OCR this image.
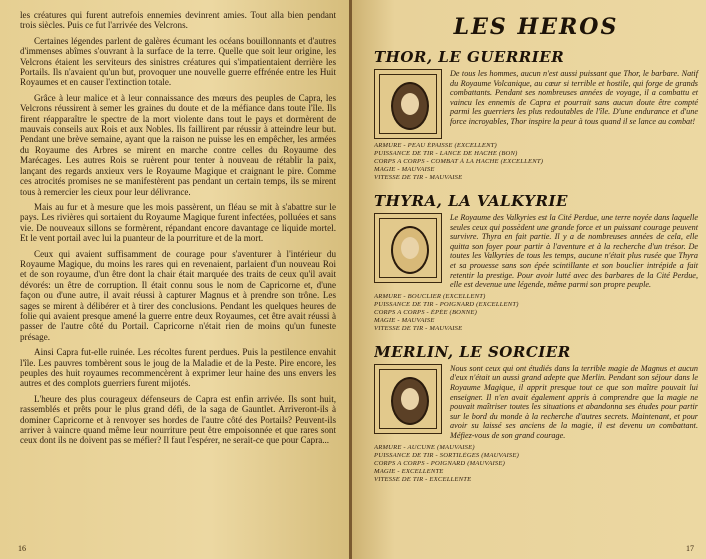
les créatures qui furent autrefois ennemies devinrent amies. Tout alla bien pendant trois siècles. Puis ce fut l'arrivée des Velcrons.

Certaines légendes parlent de galères écumant les océans bouillonnants et d'autres d'immenses abîmes s'ouvrant à la surface de la terre. Quelle que soit leur origine, les Velcrons étaient les serviteurs des sinistres créatures qui s'impatientaient derrière les Portails. Ils n'avaient qu'un but, provoquer une nouvelle guerre effrénée entre les Huit Royaumes et en causer l'extinction totale.

Grâce à leur malice et à leur connaissance des mœurs des peuples de Capra, les Velcrons réussirent à semer les graines du doute et de la méfiance dans toute l'île. Ils firent réapparaître le spectre de la mort violente dans tout le pays et dormèrent de mauvais conseils aux Rois et aux Nobles. Ils faillirent par réussir à atteindre leur but. Pendant une brève semaine, ayant que la raison ne puisse les en empêcher, les armées du Royaume des Arbres se mirent en marche contre celles du Royaume des Marécages. Les autres Rois se ruèrent pour tenter à nouveau de rétablir la paix, lançant des regards anxieux vers le Royaume Magique et craignant le pire. Comme ces atrocités promises ne se manifestèrent pas pendant un certain temps, ils se mirent tous à remercier les cieux pour leur délivrance.

Mais au fur et à mesure que les mois passèrent, un fléau se mit à s'abattre sur le pays. Les rivières qui sortaient du Royaume Magique furent infectées, polluées et sans vie. De nouveaux sillons se formèrent, répandant encore davantage ce liquide mortel. Et le vent portail avec lui la puanteur de la pourriture et de la mort.

Ceux qui avaient suffisamment de courage pour s'aventurer à l'intérieur du Royaume Magique, du moins les rares qui en revenaient, parlaient d'un nouveau Roi et de son royaume, d'un être dont la chair était marquée des traits de ceux qu'il avait dévorés: un être de corruption. Il était connu sous le nom de Capricorne et, d'une façon ou d'une autre, il avait réussi à capturer Magnus et à prendre son trône. Les sages se mirent à délibérer et à tirer des conclusions. Pendant les quelques heures de folie qui avaient presque amené la guerre entre deux Royaumes, cet être avait réussi à passer de l'autre côté du Portail. Capricorne n'était rien de moins qu'un funeste présage.

Ainsi Capra fut-elle ruinée. Les récoltes furent perdues. Puis la pestilence envahit l'île. Les pauvres tombèrent sous le joug de la Maladie et de la Peste. Pire encore, les peuples des huit royaumes recommencèrent à exprimer leur haine des uns envers les autres et des complots guerriers furent mijotés.

L'heure des plus courageux défenseurs de Capra est enfin arrivée. Ils sont huit, rassemblés et prêts pour le plus grand défi, de la saga de Gauntlet. Arriveront-ils à dominer Capricorne et à renvoyer ses hordes de l'autre côté des Portails? Peuvent-ils arriver à vaincre quand même leur nourriture peut être empoisonnée et que rares sont ceux dont ils ne doivent pas se méfier? Il faut l'espérer, ne serait-ce que pour Capra...

16
LES HEROS
THOR, LE GUERRIER

De tous les hommes, aucun n'est aussi puissant que Thor, le barbare. Natif du Royaume Volcanique, au cœur si terrible et hostile, qui forge de grands combattants. Pendant ses nombreuses années de voyage, il a combattu et vaincu les ennemis de Capra et pourrait sans aucun doute être compté parmi les guerriers les plus redoutables de l'île. D'une endurance et d'une force incroyables, Thor inspire la peur à tous quand il se lance au combat!

ARMURE - PEAU ÉPAISSE (EXCELLENT)
PUISSANCE DE TIR - LANCE DE HACHE (BON)
CORPS A CORPS - COMBAT À LA HACHE (EXCELLENT)
MAGIE - MAUVAISE
VITESSE DE TIR - MAUVAISE
THYRA, LA VALKYRIE

Le Royaume des Valkyries est la Cité Perdue, une terre noyée dans laquelle seules ceux qui possèdent une grande force et un puissant courage peuvent survivre. Thyra en fait partie. Il y a de nombreuses années de cela, elle quitta son foyer pour partir à l'aventure et à la recherche d'un trésor. De toutes les Valkyries de tous les temps, aucune n'était plus rusée que Thyra et sa prouesse sans son épée scintillante et son bouclier intrépide a fait retentir la prestige. Pour avoir lutté avec des barbares de la Cité Perdue, elle est devenue une légende, même parmi son propre peuple.

ARMURE - BOUCLIER (EXCELLENT)
PUISSANCE DE TIR - POIGNARD (EXCELLENT)
CORPS A CORPS - ÉPÉE (BONNE)
MAGIE - MAUVAISE
VITESSE DE TIR - MAUVAISE
MERLIN, LE SORCIER

Nous sont ceux qui ont étudiés dans la terrible magie de Magnus et aucun d'eux n'était un aussi grand adepte que Merlin. Pendant son séjour dans le Royaume Magique, il apprit presque tout ce que son maître pouvait lui enseigner. Il n'en avait également appris à comprendre que la magie ne pouvait maîtriser toutes les situations et abandonna ses études pour partir sur le bord du monde à la recherche d'autres secrets. Maintenant, et pour avoir su laissé ses anciens de la magie, il est devenu un combattant. Méfiez-vous de son grand courage.

ARMURE - AUCUNE (MAUVAISE)
PUISSANCE DE TIR - SORTILÈGES (MAUVAISE)
CORPS A CORPS - POIGNARD (MAUVAISE)
MAGIE - EXCELLENTE
VITESSE DE TIR - EXCELLENTE
17
